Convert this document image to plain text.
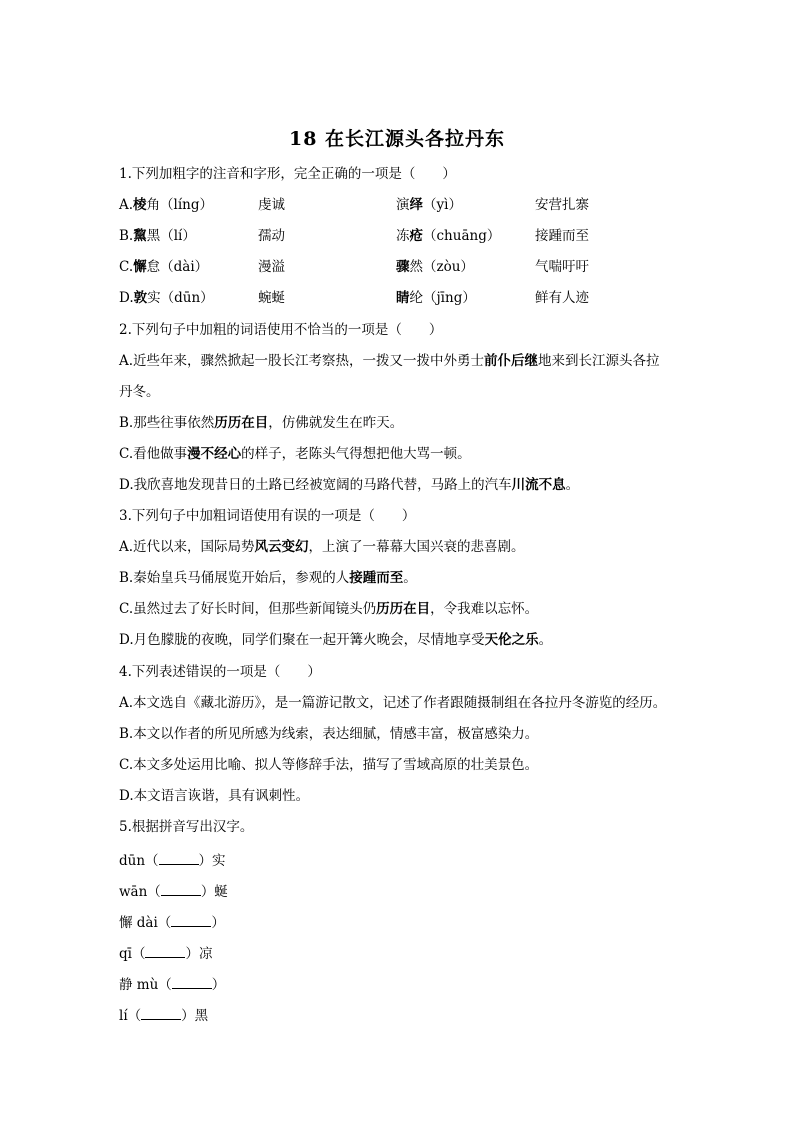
18 在长江源头各拉丹东
1.下列加粗字的注音和字形，完全正确的一项是（　　）
A.棱角（líng）	虔诚	演绎（yì）	安营扎寨
B.黧黑（lí）	孺动	冻疮（chuāng）	接踵而至
C.懈怠（dài）	漫溢	骤然（zòu）	气喘吁吁
D.敦实（dūn）	蜿蜒	睛纶（jīng）	鲜有人迹
2.下列句子中加粗的词语使用不恰当的一项是（　　）
A.近些年来，骤然掀起一股长江考察热，一拨又一拨中外勇士前仆后继地来到长江源头各拉
丹冬。
B.那些往事依然历历在目，仿佛就发生在昨天。
C.看他做事漫不经心的样子，老陈头气得想把他大骂一顿。
D.我欣喜地发现昔日的土路已经被宽阔的马路代替，马路上的汽车川流不息。
3.下列句子中加粗词语使用有误的一项是（　　）
A.近代以来，国际局势风云变幻，上演了一幕幕大国兴衰的悲喜剧。
B.秦始皇兵马俑展览开始后，参观的人接踵而至。
C.虽然过去了好长时间，但那些新闻镜头仍历历在目，令我难以忘怀。
D.月色朦胧的夜晚，同学们聚在一起开篝火晚会，尽情地享受天伦之乐。
4.下列表述错误的一项是（　　）
A.本文选自《藏北游历》，是一篇游记散文，记述了作者跟随摄制组在各拉丹冬游览的经历。
B.本文以作者的所见所感为线索，表达细腻，情感丰富，极富感染力。
C.本文多处运用比喻、拟人等修辞手法，描写了雪域高原的壮美景色。
D.本文语言诙谐，具有讽刺性。
5.根据拼音写出汉字。
dūn（	）实
wān（	）蜒
懈 dài（	）
qī（	）凉
静 mù（	）
lí（	）黑
